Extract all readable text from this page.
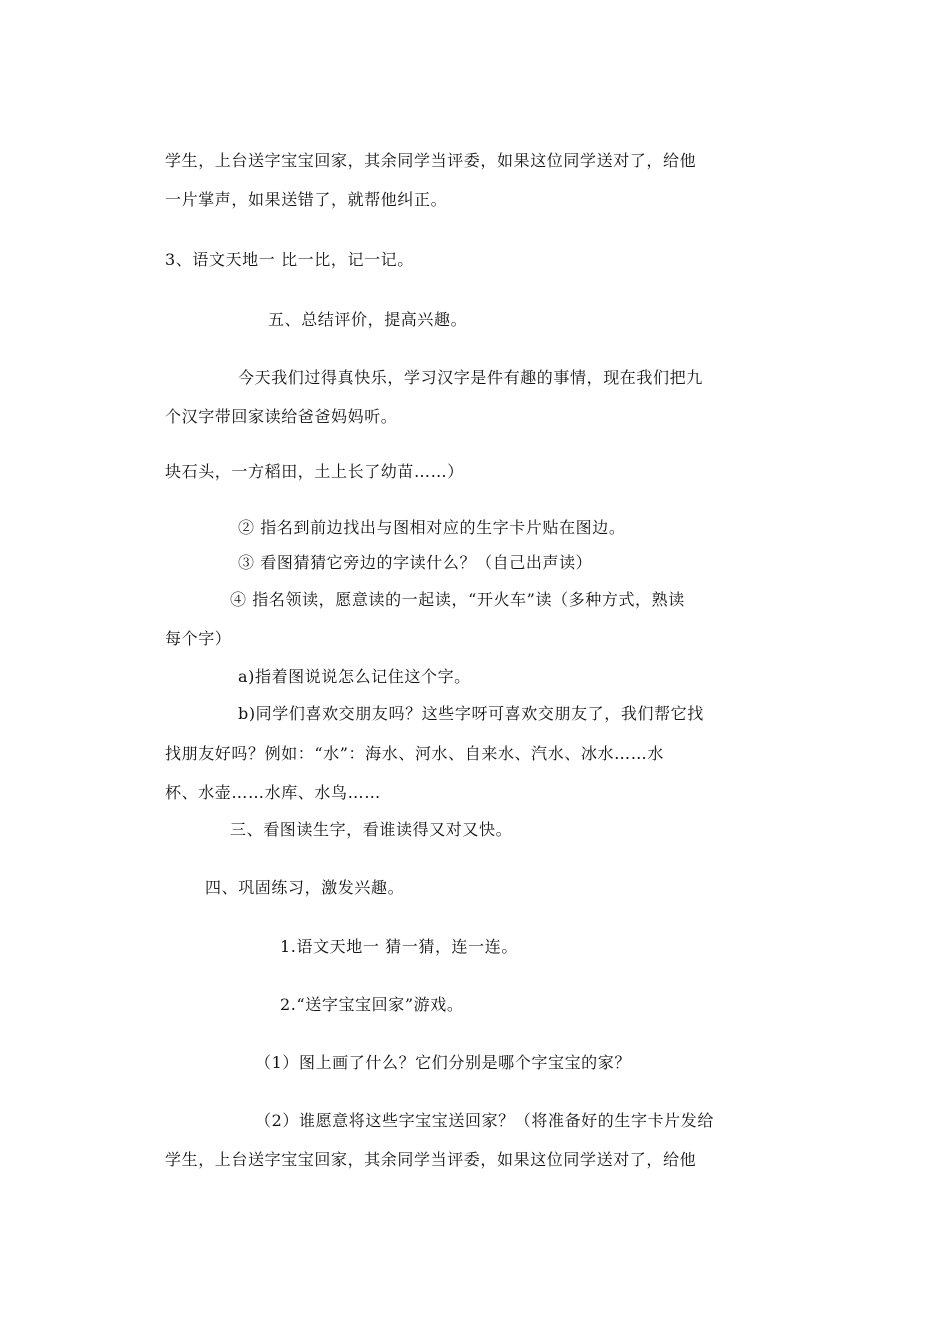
学生，上台送字宝宝回家，其余同学当评委，如果这位同学送对了，给他
一片掌声，如果送错了，就帮他纠正。
3、语文天地一 比一比，记一记。
五、总结评价，提高兴趣。
今天我们过得真快乐，学习汉字是件有趣的事情，现在我们把九
个汉字带回家读给爸爸妈妈听。
块石头，一方稻田，土上长了幼苗……）
② 指名到前边找出与图相对应的生字卡片贴在图边。
③ 看图猜猜它旁边的字读什么？（自己出声读）
④ 指名领读，愿意读的一起读，“开火车”读（多种方式，熟读
每个字）
a)指着图说说怎么记住这个字。
b)同学们喜欢交朋友吗？这些字呀可喜欢交朋友了，我们帮它找
找朋友好吗？例如：“水”：海水、河水、自来水、汽水、冰水……水
杯、水壶……水库、水鸟……
三、看图读生字，看谁读得又对又快。
四、巩固练习，激发兴趣。
1.语文天地一 猜一猜，连一连。
2.“送字宝宝回家”游戏。
（1）图上画了什么？它们分别是哪个字宝宝的家？
（2）谁愿意将这些字宝宝送回家？（将准备好的生字卡片发给
学生，上台送字宝宝回家，其余同学当评委，如果这位同学送对了，给他
